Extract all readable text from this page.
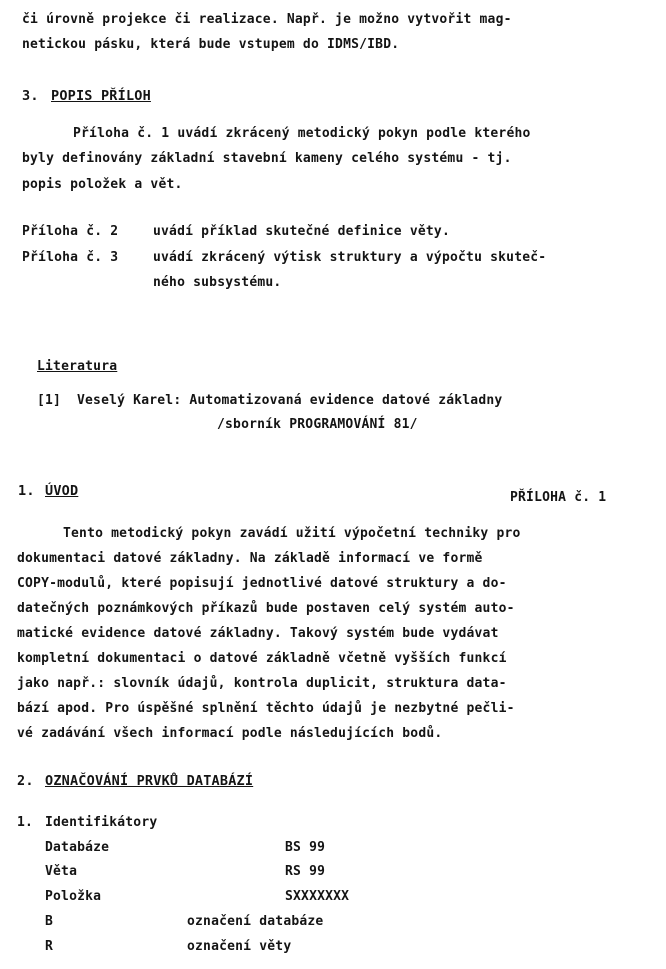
či úrovně projekce či realizace. Např. je možno vytvořit mag-
netickou pásku, která bude vstupem do IDMS/IBD.
3. POPIS PŘÍLOH
Příloha č. 1 uvádí zkrácený metodický pokyn podle kterého
byly definovány základní stavební kameny celého systému - tj.
popis položek a vět.
Příloha č. 2	uvádí příklad skutečné definice věty.
Příloha č. 3	uvádí zkrácený výtisk struktury a výpočtu skuteč-
ného subsystému.
Literatura
[1] Veselý Karel: Automatizovaná evidence datové základny
/sborník PROGRAMOVÁNÍ 81/
1. ÚVOD	PŘÍLOHA č. 1
Tento metodický pokyn zavádí užití výpočetní techniky pro
dokumentaci datové základny. Na základě informací ve formě
COPY-modulů, které popisují jednotlivé datové struktury a do-
datečných poznámkových příkazů bude postaven celý systém auto-
matické evidence datové základny. Takový systém bude vydávat
kompletní dokumentaci o datové základně včetně vyšších funkcí
jako např.: slovník údajů, kontrola duplicit, struktura data-
bází apod. Pro úspěšné splnění těchto údajů je nezbytné pečli-
vé zadávání všech informací podle následujících bodů.
2. OZNAČOVÁNÍ PRVKŮ DATABÁZÍ
1. Identifikátory
Databáze	BS 99
Věta	RS 99
Položka	SXXXXXXX
B	označení databáze
R	označení věty
